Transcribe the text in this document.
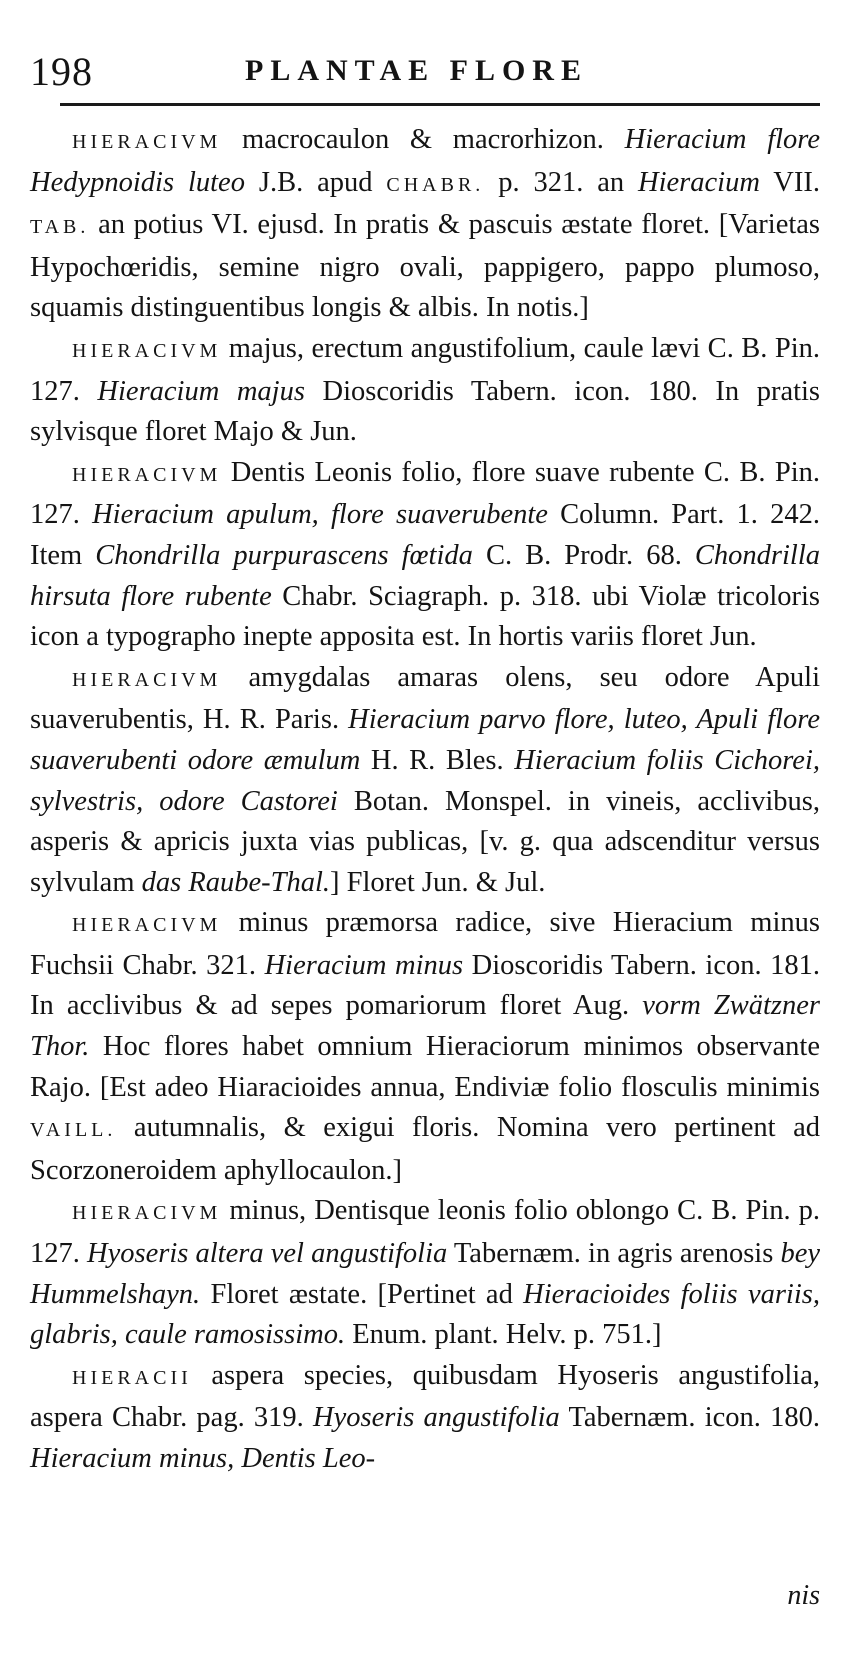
198	PLANTAE FLORE

HIERACIVM macrocaulon & macrorhizon. Hieracium flore Hedypnoidis luteo J.B. apud CHABR. p. 321. an Hieracium VII. TAB. an potius VI. ejusd. In pratis & pascuis æstate floret. [Varietas Hypochœridis, semine nigro ovali, pappigero, pappo plumoso, squamis distinguentibus longis & albis. In notis.]

HIERACIVM majus, erectum angustifolium, caule lævi C. B. Pin. 127. Hieracium majus Dioscoridis Tabern. icon. 180. In pratis sylvisque floret Majo & Jun.

HIERACIVM Dentis Leonis folio, flore suave rubente C. B. Pin. 127. Hieracium apulum, flore suaverubente Column. Part. 1. 242. Item Chondrilla purpurascens fœtida C. B. Prodr. 68. Chondrilla hirsuta flore rubente Chabr. Sciagraph. p. 318. ubi Violæ tricoloris icon a typographo inepte apposita est. In hortis variis floret Jun.

HIERACIVM amygdalas amaras olens, seu odore Apuli suaverubentis, H. R. Paris. Hieracium parvo flore, luteo, Apuli flore suaverubenti odore æmulum H. R. Bles. Hieracium foliis Cichorei, sylvestris, odore Castorei Botan. Monspel. in vineis, acclivibus, asperis & apricis juxta vias publicas, [v. g. qua adscenditur versus sylvulam das Raube-Thal.] Floret Jun. & Jul.

HIERACIVM minus præmorsa radice, sive Hieracium minus Fuchsii Chabr. 321. Hieracium minus Dioscoridis Tabern. icon. 181. In acclivibus & ad sepes pomariorum floret Aug. vorm Zwätzner Thor. Hoc flores habet omnium Hieraciorum minimos observante Rajo. [Est adeo Hiaracioides annua, Endiviæ folio flosculis minimis VAILL. autumnalis, & exigui floris. Nomina vero pertinent ad Scorzoneroidem aphyllocaulon.]

HIERACIVM minus, Dentisque leonis folio oblongo C. B. Pin. p. 127. Hyoseris altera vel angustifolia Tabernæm. in agris arenosis bey Hummelshayn. Floret æstate. [Pertinet ad Hieracioides foliis variis, glabris, caule ramosissimo. Enum. plant. Helv. p. 751.]

HIERACII aspera species, quibusdam Hyoseris angustifolia, aspera Chabr. pag. 319. Hyoseris angustifolia Tabernæm. icon. 180. Hieracium minus, Dentis Leo-

nis
